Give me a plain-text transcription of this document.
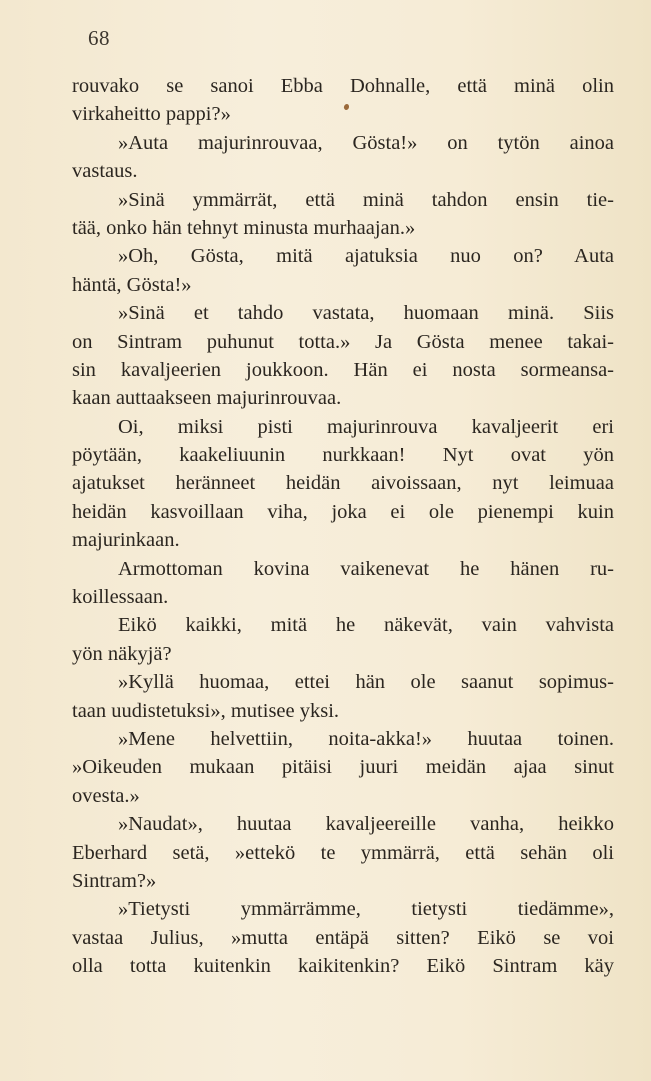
68
rouvako se sanoi Ebba Dohnalle, että minä olin
virkaheitto pappi?»
»Auta majurinrouvaa, Gösta!» on tytön ainoa
vastaus.
»Sinä ymmärrät, että minä tahdon ensin tie-
tää, onko hän tehnyt minusta murhaajan.»
»Oh, Gösta, mitä ajatuksia nuo on? Auta
häntä, Gösta!»
»Sinä et tahdo vastata, huomaan minä. Siis
on Sintram puhunut totta.» Ja Gösta menee takai-
sin kavaljeerien joukkoon. Hän ei nosta sormeansa-
kaan auttaakseen majurinrouvaa.
Oi, miksi pisti majurinrouva kavaljeerit eri
pöytään, kaakeliuunin nurkkaan! Nyt ovat yön
ajatukset heränneet heidän aivoissaan, nyt leimuaa
heidän kasvoillaan viha, joka ei ole pienempi kuin
majurinkaan.
Armottoman kovina vaikenevat he hänen ru-
koillessaan.
Eikö kaikki, mitä he näkevät, vain vahvista
yön näkyjä?
»Kyllä huomaa, ettei hän ole saanut sopimus-
taan uudistetuksi», mutisee yksi.
»Mene helvettiin, noita-akka!» huutaa toinen.
»Oikeuden mukaan pitäisi juuri meidän ajaa sinut
ovesta.»
»Naudat», huutaa kavaljeereille vanha, heikko
Eberhard setä, »ettekö te ymmärrä, että sehän oli
Sintram?»
»Tietysti ymmärrämme, tietysti tiedämme»,
vastaa Julius, »mutta entäpä sitten? Eikö se voi
olla totta kuitenkin kaikitenkin? Eikö Sintram käy
